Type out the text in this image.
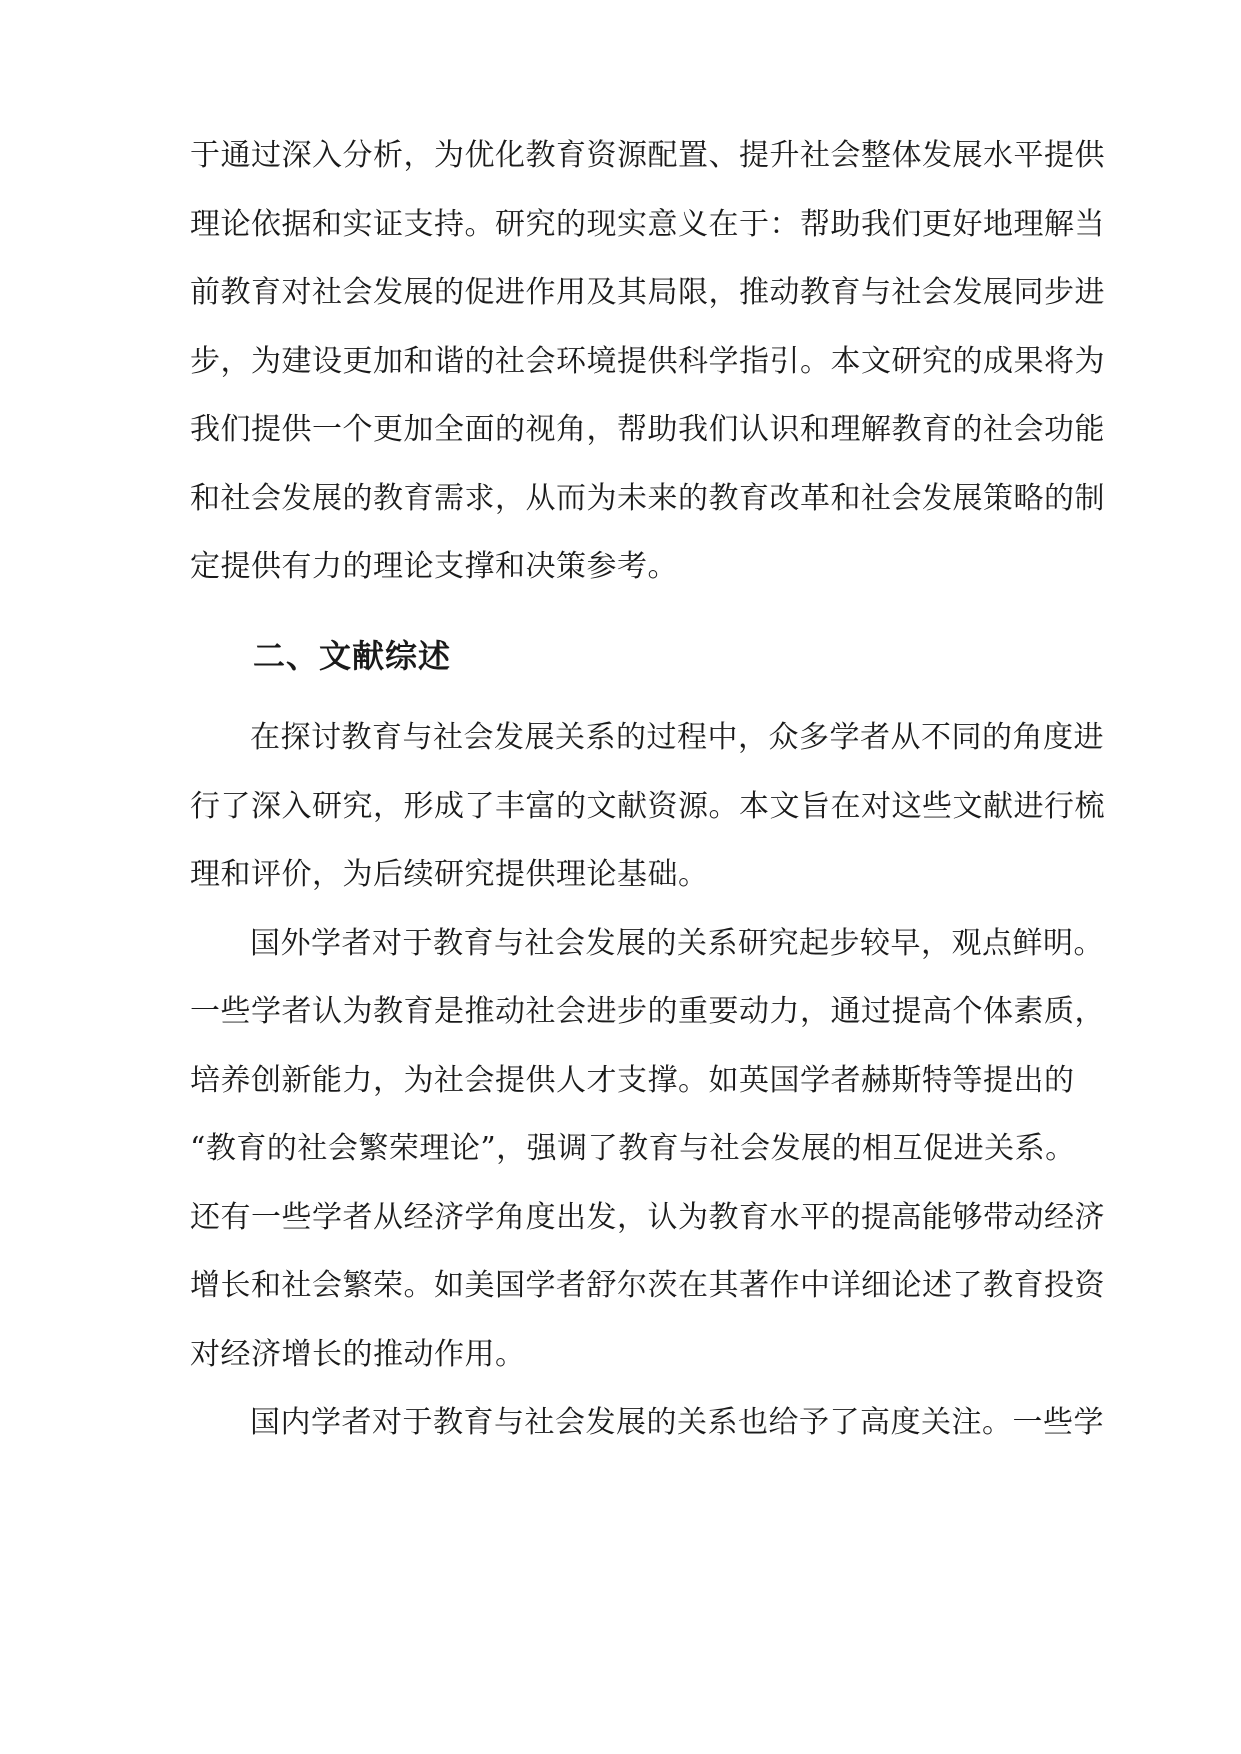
于通过深入分析，为优化教育资源配置、提升社会整体发展水平提供
理论依据和实证支持。研究的现实意义在于：帮助我们更好地理解当
前教育对社会发展的促进作用及其局限，推动教育与社会发展同步进
步，为建设更加和谐的社会环境提供科学指引。本文研究的成果将为
我们提供一个更加全面的视角，帮助我们认识和理解教育的社会功能
和社会发展的教育需求，从而为未来的教育改革和社会发展策略的制
定提供有力的理论支撑和决策参考。
二、文献综述
在探讨教育与社会发展关系的过程中，众多学者从不同的角度进
行了深入研究，形成了丰富的文献资源。本文旨在对这些文献进行梳
理和评价，为后续研究提供理论基础。
国外学者对于教育与社会发展的关系研究起步较早，观点鲜明。
一些学者认为教育是推动社会进步的重要动力，通过提高个体素质，
培养创新能力，为社会提供人才支撑。如英国学者赫斯特等提出的
“教育的社会繁荣理论”，强调了教育与社会发展的相互促进关系。
还有一些学者从经济学角度出发，认为教育水平的提高能够带动经济
增长和社会繁荣。如美国学者舒尔茨在其著作中详细论述了教育投资
对经济增长的推动作用。
国内学者对于教育与社会发展的关系也给予了高度关注。一些学
